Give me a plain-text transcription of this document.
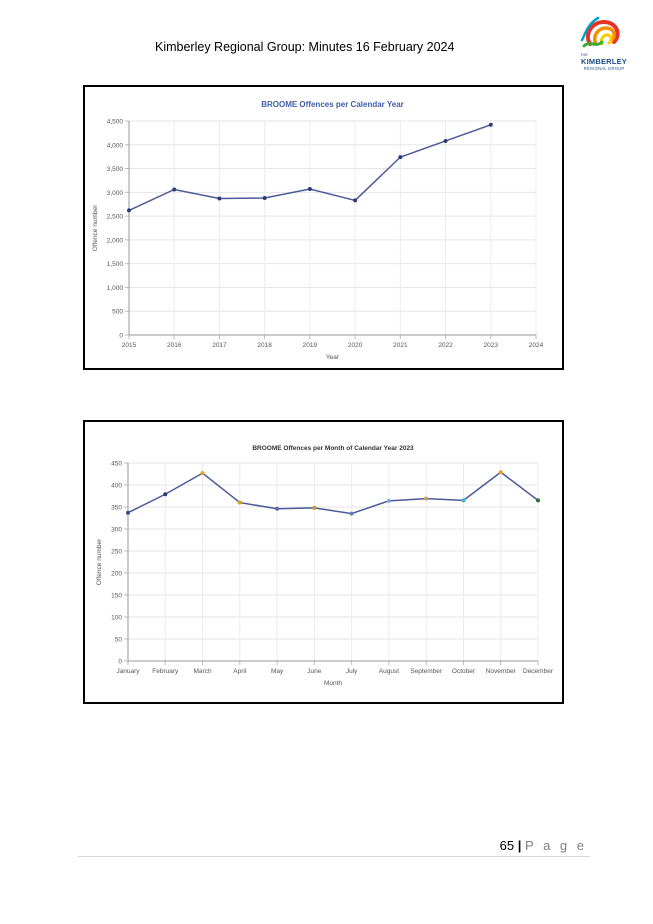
Kimberley Regional Group: Minutes 16 February 2024
THE
KIMBERLEY
REGIONAL GROUP
BROOME Offences per Calendar Year
0
500
1,000
1,500
2,000
2,500
3,000
3,500
4,000
4,500
2015	2016	2017	2018	2019	2020	2021	2022	2023	2024
Year
Offence number
BROOME Offences per Month of Calendar Year 2023
0
50
100
150
200
250
300
350
400
450
January February March	April	May	June	July	August September October November December
Month
Offence number
65 | P a g e
